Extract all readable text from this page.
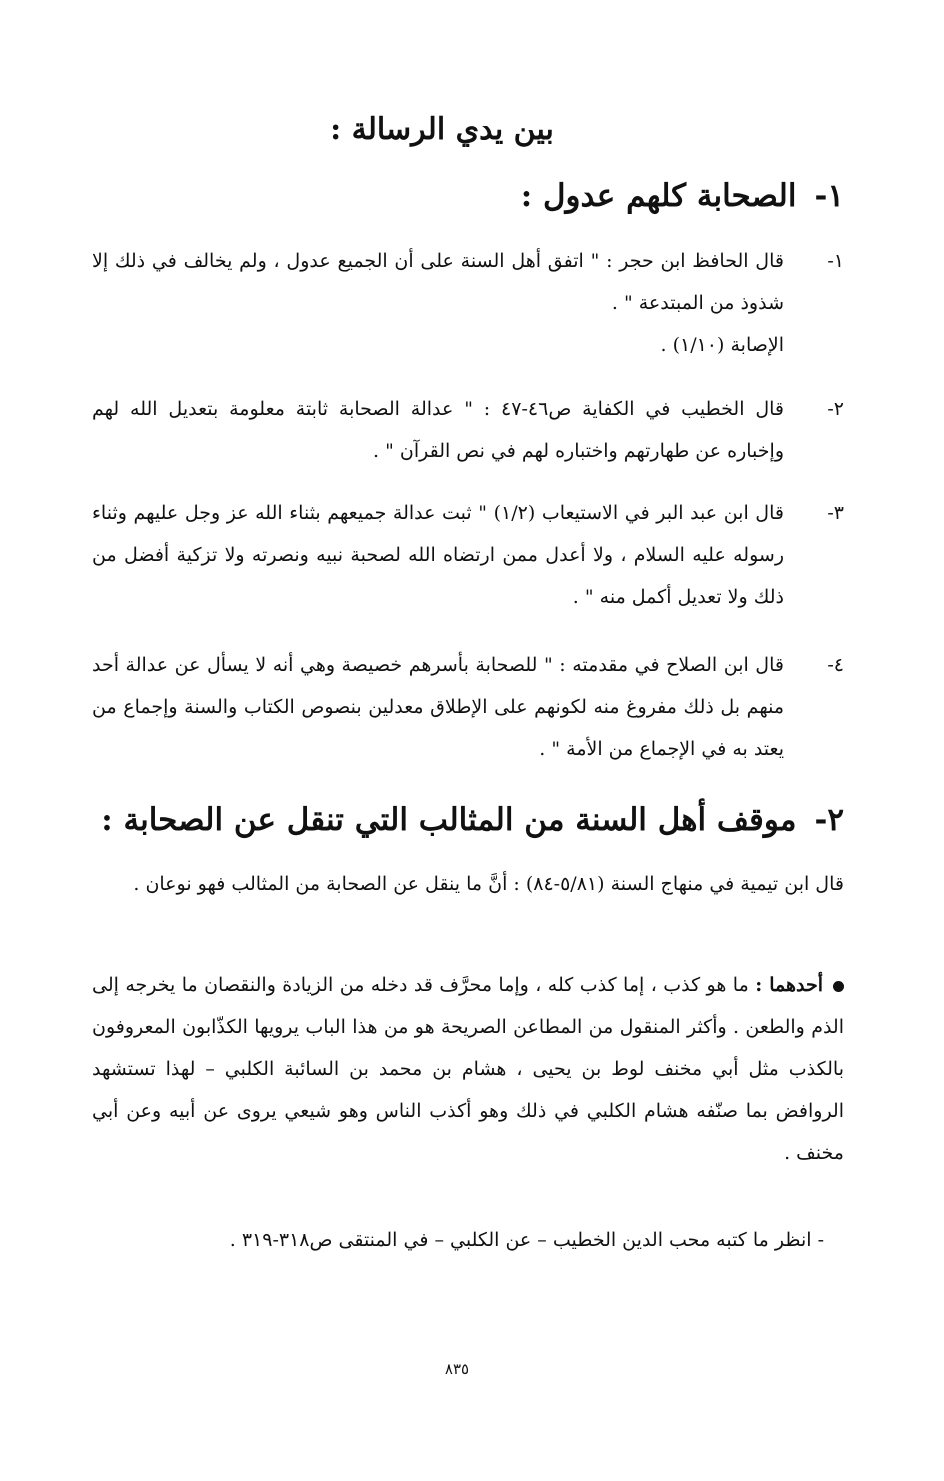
بين يدي الرسالة :
١-الصحابة كلهم عدول :
١-
قال الحافظ ابن حجر : " اتفق أهل السنة على أن الجميع عدول ، ولم يخالف في ذلك إلا شذوذ من المبتدعة " .
الإصابة (١/١٠) .
٢-
قال الخطيب في الكفاية ص٤٦-٤٧ : " عدالة الصحابة ثابتة معلومة بتعديل الله لهم وإخباره عن طهارتهم واختباره لهم في نص القرآن " .
٣-
قال ابن عبد البر في الاستيعاب (١/٢) " ثبت عدالة جميعهم بثناء الله عز وجل عليهم وثناء رسوله عليه السلام ، ولا أعدل ممن ارتضاه الله لصحبة نبيه ونصرته ولا تزكية أفضل من ذلك ولا تعديل أكمل منه " .
٤-
قال ابن الصلاح في مقدمته : " للصحابة بأسرهم خصيصة وهي أنه لا يسأل عن عدالة أحد منهم بل ذلك مفروغ منه لكونهم على الإطلاق معدلين بنصوص الكتاب والسنة وإجماع من يعتد به في الإجماع من الأمة " .
٢-موقف أهل السنة من المثالب التي تنقل عن الصحابة :
قال ابن تيمية في منهاج السنة (٥/٨١-٨٤) : أنَّ ما ينقل عن الصحابة من المثالب فهو نوعان .
أحدهما : ما هو كذب ، إما كذب كله ، وإما محرَّف قد دخله من الزيادة والنقصان ما يخرجه إلى الذم والطعن . وأكثر المنقول من المطاعن الصريحة هو من هذا الباب يرويها الكذّابون المعروفون بالكذب مثل أبي مخنف لوط بن يحيى ، هشام بن محمد بن السائبة الكلبي – لهذا تستشهد الروافض بما صنّفه هشام الكلبي في ذلك وهو أكذب الناس وهو شيعي يروى عن أبيه وعن أبي مخنف .
- انظر ما كتبه محب الدين الخطيب – عن الكلبي – في المنتقى ص٣١٨-٣١٩ .
٨٣٥
